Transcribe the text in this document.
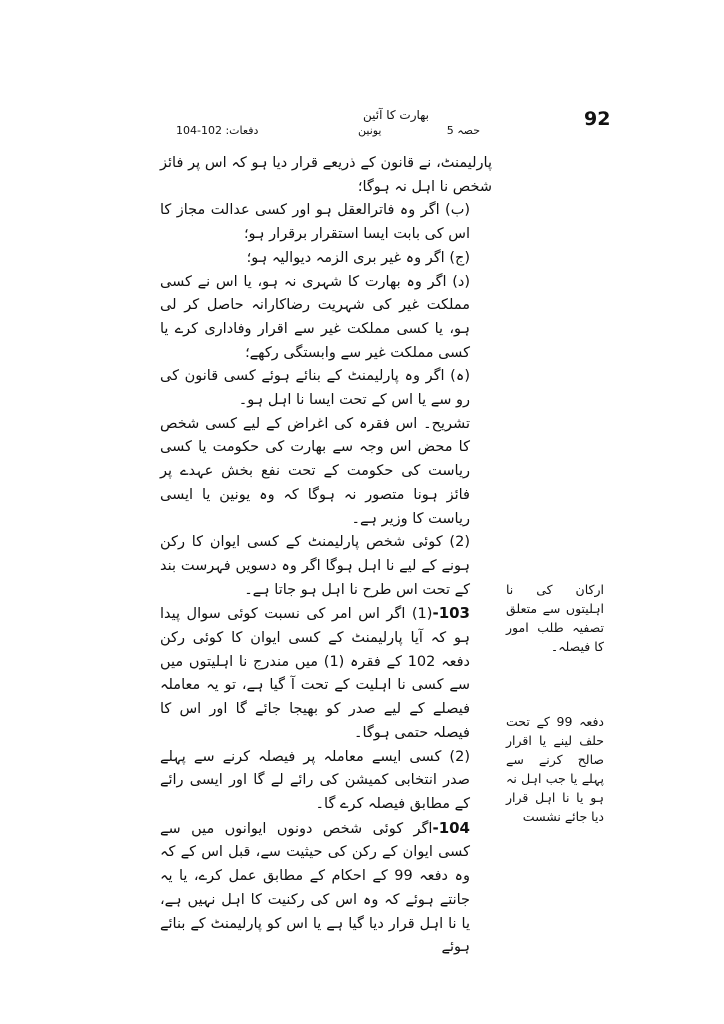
92
بھارت کا آئین
حصہ 5
یونین
دفعات: 102-104

پارلیمنٹ، نے قانون کے ذریعے قرار دیا ہو کہ اس پر فائز شخص نا اہل نہ ہوگا؛

(ب) اگر وہ فاترالعقل ہو اور کسی عدالت مجاز کا اس کی بابت ایسا استقرار برقرار ہو؛

(ج) اگر وہ غیر بری الزمہ دیوالیہ ہو؛

(د) اگر وہ بھارت کا شہری نہ ہو، یا اس نے کسی مملکت غیر کی شہریت رضاکارانہ حاصل کر لی ہو، یا کسی مملکت غیر سے اقرار وفاداری کرے یا کسی مملکت غیر سے وابستگی رکھے؛

(ہ) اگر وہ پارلیمنٹ کے بنائے ہوئے کسی قانون کی رو سے یا اس کے تحت ایسا نا اہل ہو۔

تشریح۔ اس فقرہ کی اغراض کے لیے کسی شخص کا محض اس وجہ سے بھارت کی حکومت یا کسی ریاست کی حکومت کے تحت نفع بخش عہدے پر فائز ہونا متصور نہ ہوگا کہ وہ یونین یا ایسی ریاست کا وزیر ہے۔

(2) کوئی شخص پارلیمنٹ کے کسی ایوان کا رکن ہونے کے لیے نا اہل ہوگا اگر وہ دسویں فہرست بند کے تحت اس طرح نا اہل ہو جاتا ہے۔

103-(1) اگر اس امر کی نسبت کوئی سوال پیدا ہو کہ آیا پارلیمنٹ کے کسی ایوان کا کوئی رکن دفعہ 102 کے فقرہ (1) میں مندرج نا اہلیتوں میں سے کسی نا اہلیت کے تحت آ گیا ہے، تو یہ معاملہ فیصلے کے لیے صدر کو بھیجا جائے گا اور اس کا فیصلہ حتمی ہوگا۔

(2) کسی ایسے معاملہ پر فیصلہ کرنے سے پہلے صدر انتخابی کمیشن کی رائے لے گا اور ایسی رائے کے مطابق فیصلہ کرے گا۔

104-اگر کوئی شخص دونوں ایوانوں میں سے کسی ایوان کے رکن کی حیثیت سے، قبل اس کے کہ وہ دفعہ 99 کے احکام کے مطابق عمل کرے، یا یہ جانتے ہوئے کہ وہ اس کی رکنیت کا اہل نہیں ہے، یا نا اہل قرار دیا گیا ہے یا اس کو پارلیمنٹ کے بنائے ہوئے

ارکان کی نا اہلیتوں سے متعلق تصفیہ طلب امور کا فیصلہ۔
دفعہ 99 کے تحت حلف لینے یا اقرار صالح کرنے سے پہلے یا جب اہل نہ ہو یا نا اہل قرار دیا جائے نشست
